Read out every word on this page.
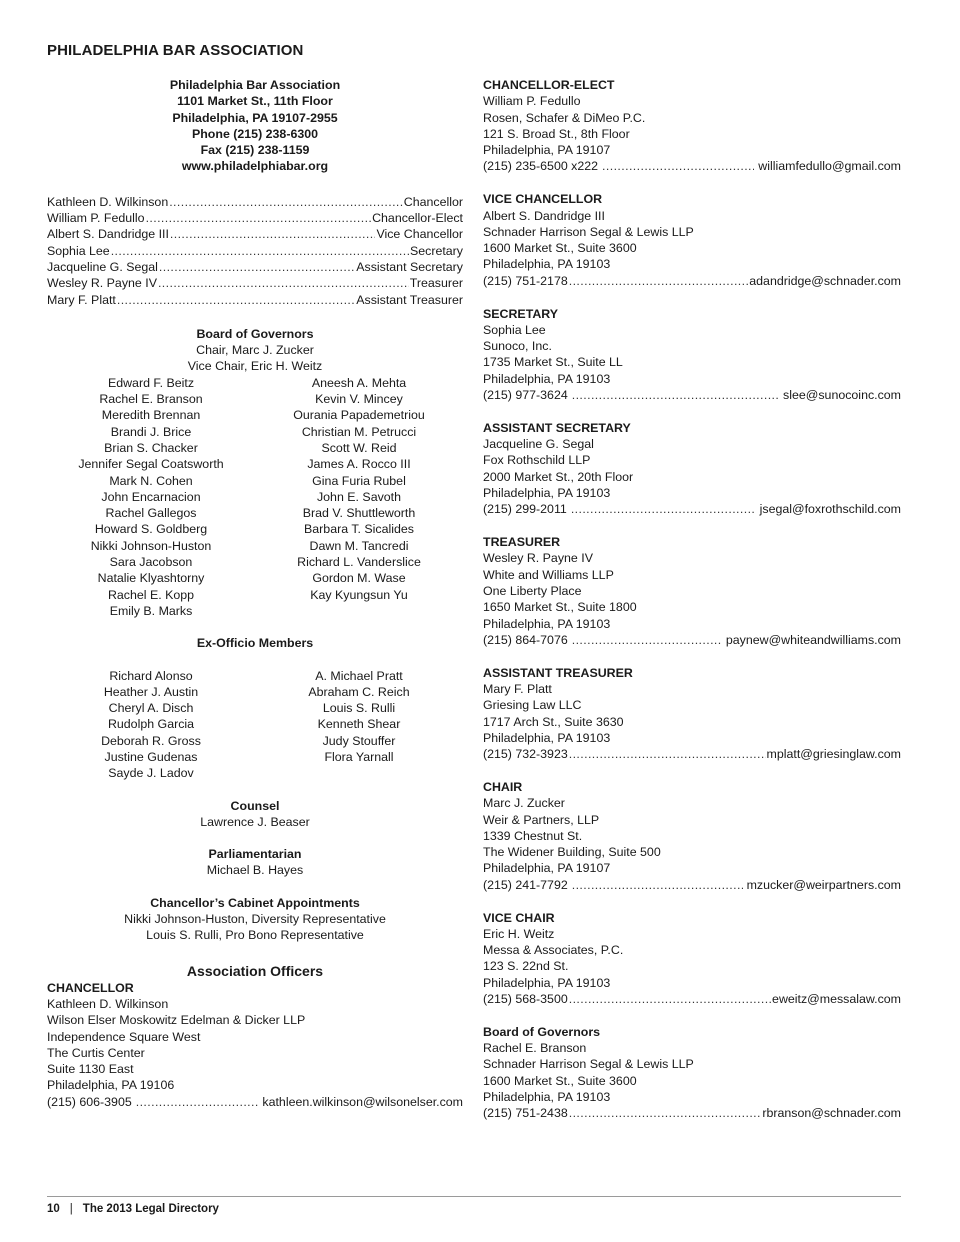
PHILADELPHIA BAR ASSOCIATION
Philadelphia Bar Association
1101 Market St., 11th Floor
Philadelphia, PA 19107-2955
Phone (215) 238-6300
Fax (215) 238-1159
www.philadelphiabar.org
Kathleen D. Wilkinson .....	Chancellor
William P. Fedullo .....	Chancellor-Elect
Albert S. Dandridge III .....	Vice Chancellor
Sophia Lee .....	Secretary
Jacqueline G. Segal .....	Assistant Secretary
Wesley R. Payne IV .....	Treasurer
Mary F. Platt .....	Assistant Treasurer
Board of Governors
Chair, Marc J. Zucker
Vice Chair, Eric H. Weitz
Edward F. Beitz
Rachel E. Branson
Meredith Brennan
Brandi J. Brice
Brian S. Chacker
Jennifer Segal Coatsworth
Mark N. Cohen
John Encarnacion
Rachel Gallegos
Howard S. Goldberg
Nikki Johnson-Huston
Sara Jacobson
Natalie Klyashtorny
Rachel E. Kopp
Emily B. Marks
Aneesh A. Mehta
Kevin V. Mincey
Ourania Papademetriou
Christian M. Petrucci
Scott W. Reid
James A. Rocco III
Gina Furia Rubel
John E. Savoth
Brad V. Shuttleworth
Barbara T. Sicalides
Dawn M. Tancredi
Richard L. Vanderslice
Gordon M. Wase
Kay Kyungsun Yu
Ex-Officio Members
Richard Alonso
Heather J. Austin
Cheryl A. Disch
Rudolph Garcia
Deborah R. Gross
Justine Gudenas
Sayde J. Ladov
A. Michael Pratt
Abraham C. Reich
Louis S. Rulli
Kenneth Shear
Judy Stouffer
Flora Yarnall
Counsel
Lawrence J. Beaser
Parliamentarian
Michael B. Hayes
Chancellor’s Cabinet Appointments
Nikki Johnson-Huston, Diversity Representative
Louis S. Rulli, Pro Bono Representative
Association Officers
CHANCELLOR
Kathleen D. Wilkinson
Wilson Elser Moskowitz Edelman & Dicker LLP
Independence Square West
The Curtis Center
Suite 1130 East
Philadelphia, PA 19106
(215) 606-3905 .....	kathleen.wilkinson@wilsonelser.com
CHANCELLOR-ELECT
William P. Fedullo
Rosen, Schafer & DiMeo P.C.
121 S. Broad St., 8th Floor
Philadelphia, PA 19107
(215) 235-6500 x222 .....	williamfedullo@gmail.com
VICE CHANCELLOR
Albert S. Dandridge III
Schnader Harrison Segal & Lewis LLP
1600 Market St., Suite 3600
Philadelphia, PA 19103
(215) 751-2178 .....	adandridge@schnader.com
SECRETARY
Sophia Lee
Sunoco, Inc.
1735 Market St., Suite LL
Philadelphia, PA 19103
(215) 977-3624 .....	slee@sunocoinc.com
ASSISTANT SECRETARY
Jacqueline G. Segal
Fox Rothschild LLP
2000 Market St., 20th Floor
Philadelphia, PA 19103
(215) 299-2011 .....	jsegal@foxrothschild.com
TREASURER
Wesley R. Payne IV
White and Williams LLP
One Liberty Place
1650 Market St., Suite 1800
Philadelphia, PA 19103
(215) 864-7076 .....	paynew@whiteandwilliams.com
ASSISTANT TREASURER
Mary F. Platt
Griesing Law LLC
1717 Arch St., Suite 3630
Philadelphia, PA 19103
(215) 732-3923 .....	mplatt@griesinglaw.com
CHAIR
Marc J. Zucker
Weir & Partners, LLP
1339 Chestnut St.
The Widener Building, Suite 500
Philadelphia, PA 19107
(215) 241-7792 .....	mzucker@weirpartners.com
VICE CHAIR
Eric H. Weitz
Messa & Associates, P.C.
123 S. 22nd St.
Philadelphia, PA 19103
(215) 568-3500 .....	eweitz@messalaw.com
Board of Governors
Rachel E. Branson
Schnader Harrison Segal & Lewis LLP
1600 Market St., Suite 3600
Philadelphia, PA 19103
(215) 751-2438 .....	rbranson@schnader.com
10 | The 2013 Legal Directory
